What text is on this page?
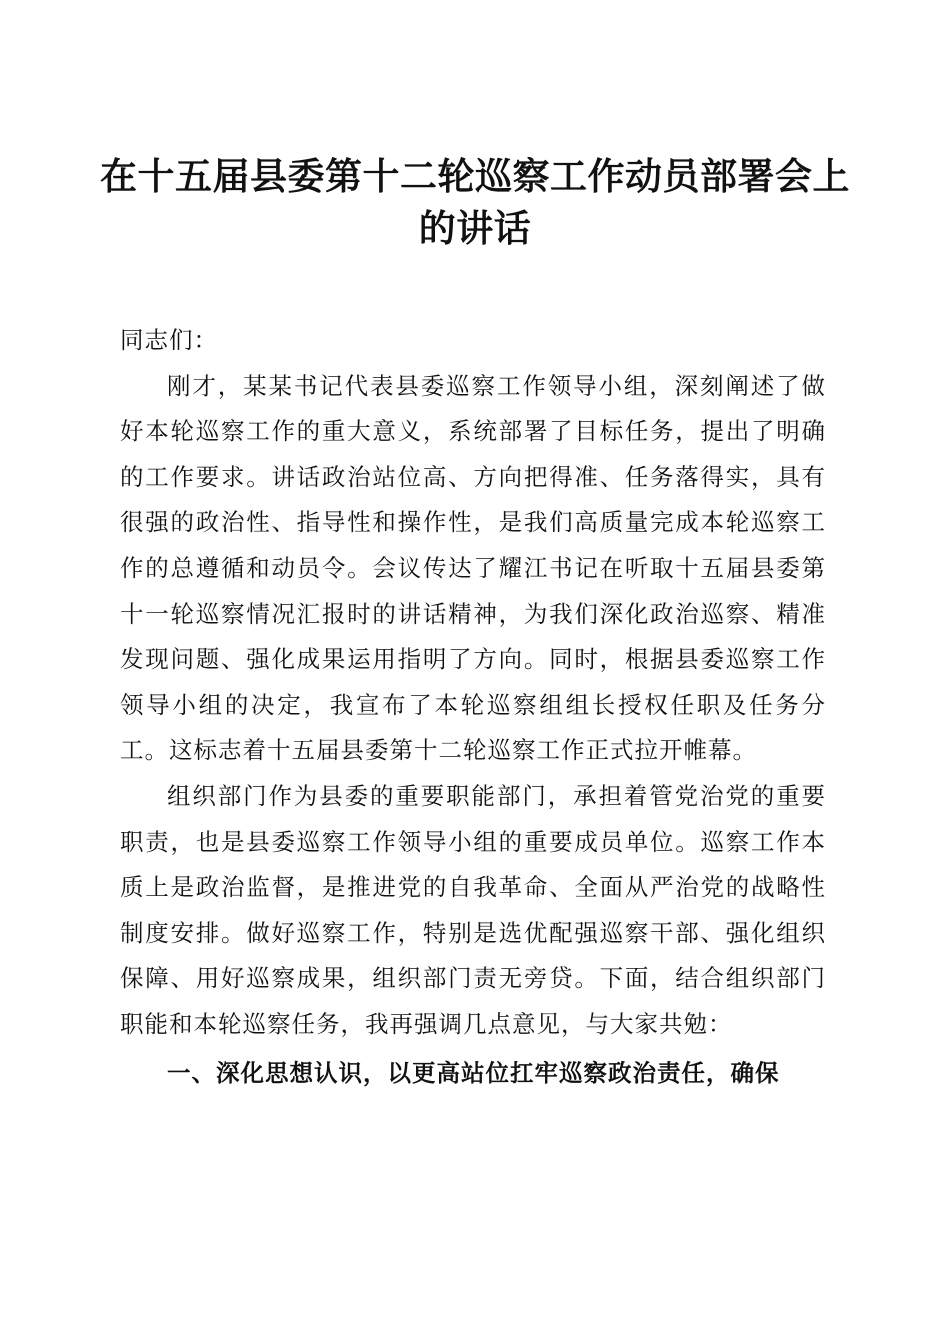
在十五届县委第十二轮巡察工作动员部署会上的讲话

同志们：

刚才，某某书记代表县委巡察工作领导小组，深刻阐述了做好本轮巡察工作的重大意义，系统部署了目标任务，提出了明确的工作要求。讲话政治站位高、方向把得准、任务落得实，具有很强的政治性、指导性和操作性，是我们高质量完成本轮巡察工作的总遵循和动员令。会议传达了耀江书记在听取十五届县委第十一轮巡察情况汇报时的讲话精神，为我们深化政治巡察、精准发现问题、强化成果运用指明了方向。同时，根据县委巡察工作领导小组的决定，我宣布了本轮巡察组组长授权任职及任务分工。这标志着十五届县委第十二轮巡察工作正式拉开帷幕。

组织部门作为县委的重要职能部门，承担着管党治党的重要职责，也是县委巡察工作领导小组的重要成员单位。巡察工作本质上是政治监督，是推进党的自我革命、全面从严治党的战略性制度安排。做好巡察工作，特别是选优配强巡察干部、强化组织保障、用好巡察成果，组织部门责无旁贷。下面，结合组织部门职能和本轮巡察任务，我再强调几点意见，与大家共勉：

一、深化思想认识，以更高站位扛牢巡察政治责任，确保
